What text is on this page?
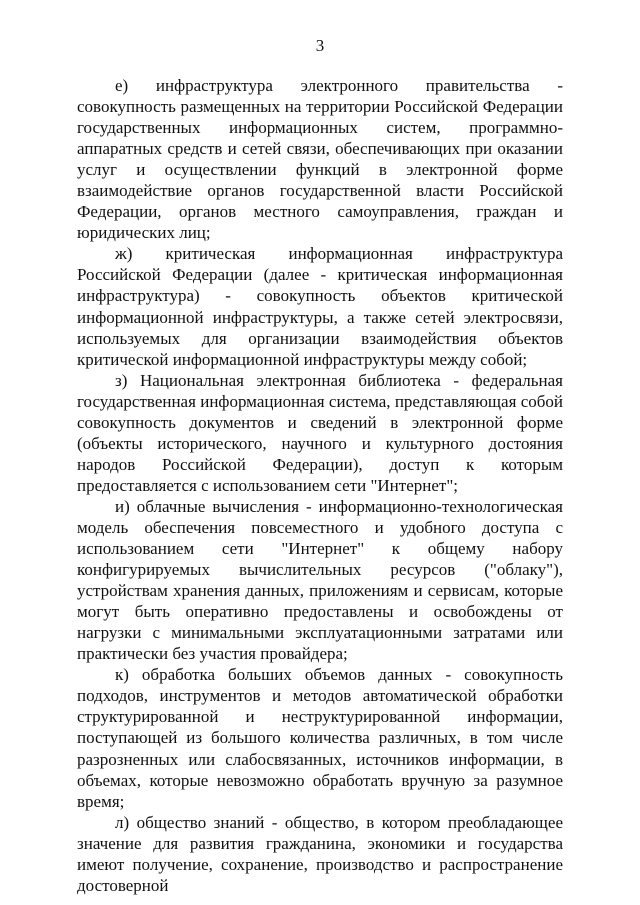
3

е) инфраструктура электронного правительства - совокупность размещенных на территории Российской Федерации государственных информационных систем, программно-аппаратных средств и сетей связи, обеспечивающих при оказании услуг и осуществлении функций в электронной форме взаимодействие органов государственной власти Российской Федерации, органов местного самоуправления, граждан и юридических лиц;

ж) критическая информационная инфраструктура Российской Федерации (далее - критическая информационная инфраструктура) - совокупность объектов критической информационной инфраструктуры, а также сетей электросвязи, используемых для организации взаимодействия объектов критической информационной инфраструктуры между собой;

з) Национальная электронная библиотека - федеральная государственная информационная система, представляющая собой совокупность документов и сведений в электронной форме (объекты исторического, научного и культурного достояния народов Российской Федерации), доступ к которым предоставляется с использованием сети "Интернет";

и) облачные вычисления - информационно-технологическая модель обеспечения повсеместного и удобного доступа с использованием сети "Интернет" к общему набору конфигурируемых вычислительных ресурсов ("облаку"), устройствам хранения данных, приложениям и сервисам, которые могут быть оперативно предоставлены и освобождены от нагрузки с минимальными эксплуатационными затратами или практически без участия провайдера;

к) обработка больших объемов данных - совокупность подходов, инструментов и методов автоматической обработки структурированной и неструктурированной информации, поступающей из большого количества различных, в том числе разрозненных или слабосвязанных, источников информации, в объемах, которые невозможно обработать вручную за разумное время;

л) общество знаний - общество, в котором преобладающее значение для развития гражданина, экономики и государства имеют получение, сохранение, производство и распространение достоверной
